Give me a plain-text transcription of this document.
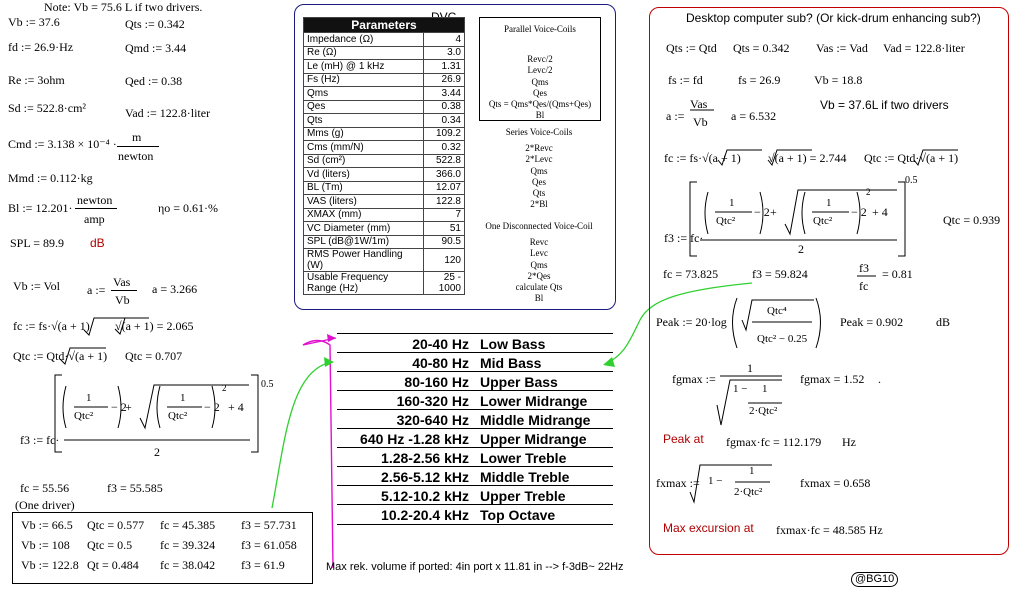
Note: Vb = 75.6 L if two drivers.
Vb := 37.6	Qts := 0.342
fd := 26.9·Hz	Qmd := 3.44
Re := 3ohm	Qed := 0.38
Sd := 522.8·cm²	Vad := 122.8·liter
Cmd := 3.138 × 10⁻⁴ · m
newton
Mmd := 0.112·kg
Bl := 12.201·
newton
amp
ηo = 0.61·%
SPL = 89.9 dB
Vb := Vol a :=
Vas
Vb
a = 3.266
fc := fs·√(a + 1) √(a + 1) = 2.065
Qtc := Qtd·√(a + 1) Qtc = 0.707
f3 := fc·
0.5
1
Qtc²
− 2
+
1
Qtc²
− 2
2
+ 4
2
fc = 55.56	f3 = 55.585
(One driver)
Vb := 66.5 Qtc = 0.577 fc = 45.385 f3 = 57.731
Vb := 108 Qtc = 0.5 fc = 39.324 f3 = 61.058
Vb := 122.8 Qt = 0.484 fc = 38.042 f3 = 61.9	Max rek. volume if ported: 4in port x 11.81 in --> f-3dB~ 22Hz
Parameters	
Impedance (Ω)	4
Re (Ω)	3.0
Le (mH) @ 1 kHz	1.31
Fs (Hz)	26.9
Qms	3.44
Qes	0.38
Qts	0.34
Mms (g)	109.2
Cms (mm/N)	0.32
Sd (cm²)	522.8
Vd (liters)	366.0
BL (Tm)	12.07
VAS (liters)	122.8
XMAX (mm)	7
VC Diameter (mm)	51
SPL (dB@1W/1m)	90.5
RMS Power Handling (W)	120
Usable Frequency Range (Hz)	25 - 1000
Parallel Voice-Coils
Revc/2
Levc/2
Qms
Qes
Qts = Qms*Qes/(Qms+Qes)
Bl
Series Voice-Coils
2*Revc
2*Levc
Qms
Qes
Qts
2*Bl
One Disconnected Voice-Coil
Revc
Levc
Qms
2*Qes
calculate Qts
Bl
20-40 Hz Low Bass
40-80 Hz Mid Bass
80-160 Hz Upper Bass
160-320 Hz Lower Midrange
320-640 Hz Middle Midrange
640 Hz -1.28 kHz Upper Midrange
1.28-2.56 kHz Lower Treble
2.56-5.12 kHz Middle Treble
5.12-10.2 kHz Upper Treble
10.2-20.4 kHz Top Octave
Desktop computer sub? (Or kick-drum enhancing sub?)
Qts := Qtd Qts = 0.342 Vas := Vad Vad = 122.8·liter
fs := fd	fs = 26.9	Vb = 18.8
Vb = 37.6L if two drivers
a :=
Vas
Vb a = 6.532
fc := fs·√(a + 1) √(a + 1) = 2.744 Qtc := Qtd·√(a + 1)
f3 := fc·
0.5
1
Qtc²
− 2 +
1
Qtc²
− 2
2
+ 4
2
Qtc = 0.939
fc = 73.825	f3 = 59.824	f3
fc
= 0.81
Peak := 20·log
Qtc⁴
Qtc² − 0.25
Peak = 0.902	dB
fgmax :=
1
1 − 1
2·Qtc²
fgmax = 1.52 .
Peak at fgmax·fc = 112.179 Hz
fxmax := 1 −
1
2·Qtc²
fxmax = 0.658
Max excursion at fxmax·fc = 48.585 Hz
@BG10
